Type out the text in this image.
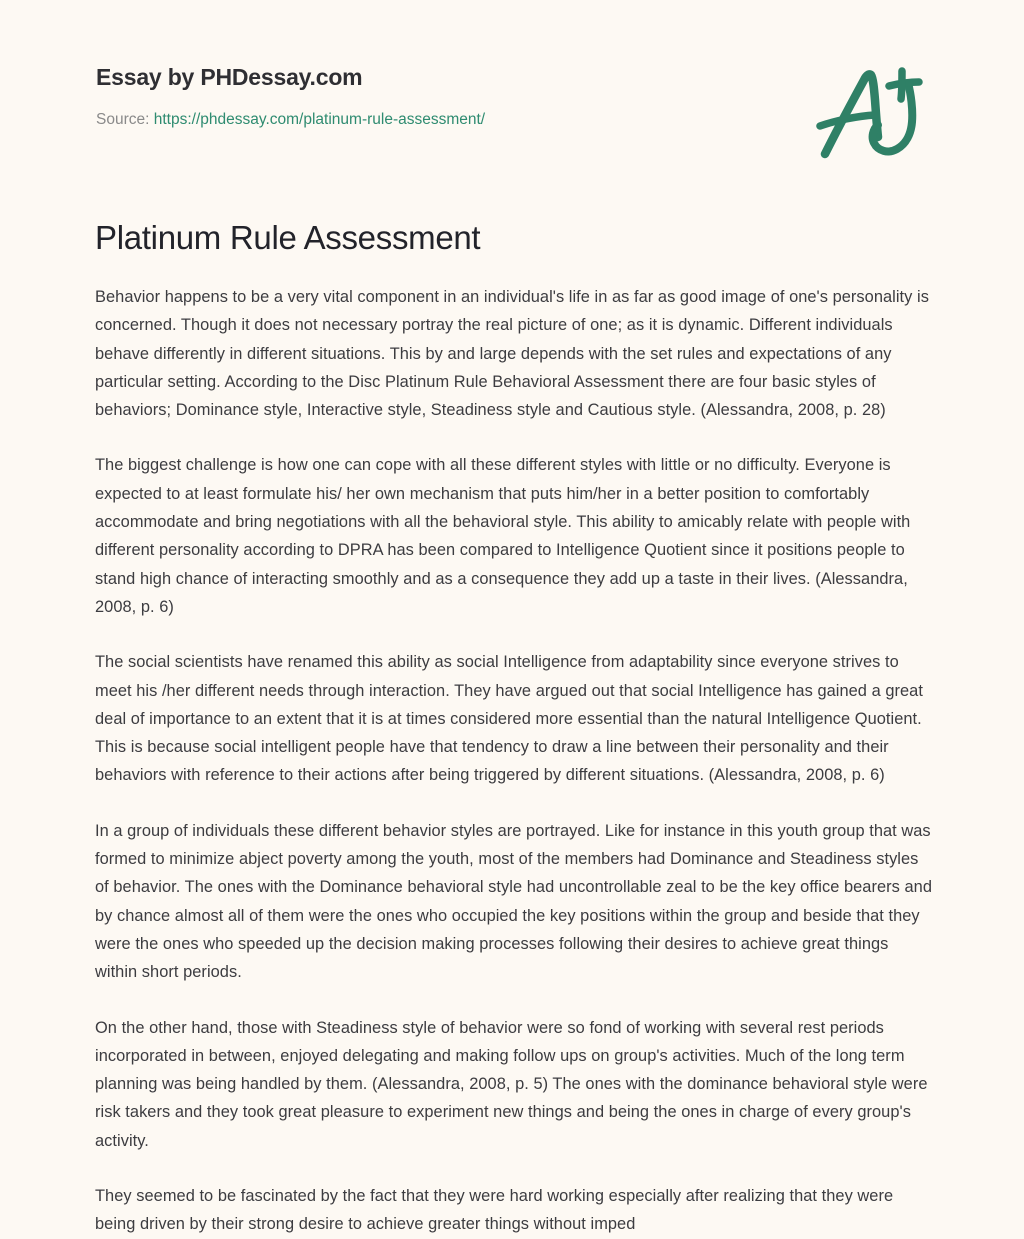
Essay by PHDessay.com
Source: https://phdessay.com/platinum-rule-assessment/
Platinum Rule Assessment

Behavior happens to be a very vital component in an individual's life in as far as good image of one's personality is concerned. Though it does not necessary portray the real picture of one; as it is dynamic. Different individuals behave differently in different situations. This by and large depends with the set rules and expectations of any particular setting. According to the Disc Platinum Rule Behavioral Assessment there are four basic styles of behaviors; Dominance style, Interactive style, Steadiness style and Cautious style. (Alessandra, 2008, p. 28)

The biggest challenge is how one can cope with all these different styles with little or no difficulty. Everyone is expected to at least formulate his/ her own mechanism that puts him/her in a better position to comfortably accommodate and bring negotiations with all the behavioral style. This ability to amicably relate with people with different personality according to DPRA has been compared to Intelligence Quotient since it positions people to stand high chance of interacting smoothly and as a consequence they add up a taste in their lives. (Alessandra, 2008, p. 6)

The social scientists have renamed this ability as social Intelligence from adaptability since everyone strives to meet his /her different needs through interaction. They have argued out that social Intelligence has gained a great deal of importance to an extent that it is at times considered more essential than the natural Intelligence Quotient. This is because social intelligent people have that tendency to draw a line between their personality and their behaviors with reference to their actions after being triggered by different situations. (Alessandra, 2008, p. 6)

In a group of individuals these different behavior styles are portrayed. Like for instance in this youth group that was formed to minimize abject poverty among the youth, most of the members had Dominance and Steadiness styles of behavior. The ones with the Dominance behavioral style had uncontrollable zeal to be the key office bearers and by chance almost all of them were the ones who occupied the key positions within the group and beside that they were the ones who speeded up the decision making processes following their desires to achieve great things within short periods.

On the other hand, those with Steadiness style of behavior were so fond of working with several rest periods incorporated in between, enjoyed delegating and making follow ups on group's activities. Much of the long term planning was being handled by them. (Alessandra, 2008, p. 5) The ones with the dominance behavioral style were risk takers and they took great pleasure to experiment new things and being the ones in charge of every group's activity.

They seemed to be fascinated by the fact that they were hard working especially after realizing that they were being driven by their strong desire to achieve greater things without imped
